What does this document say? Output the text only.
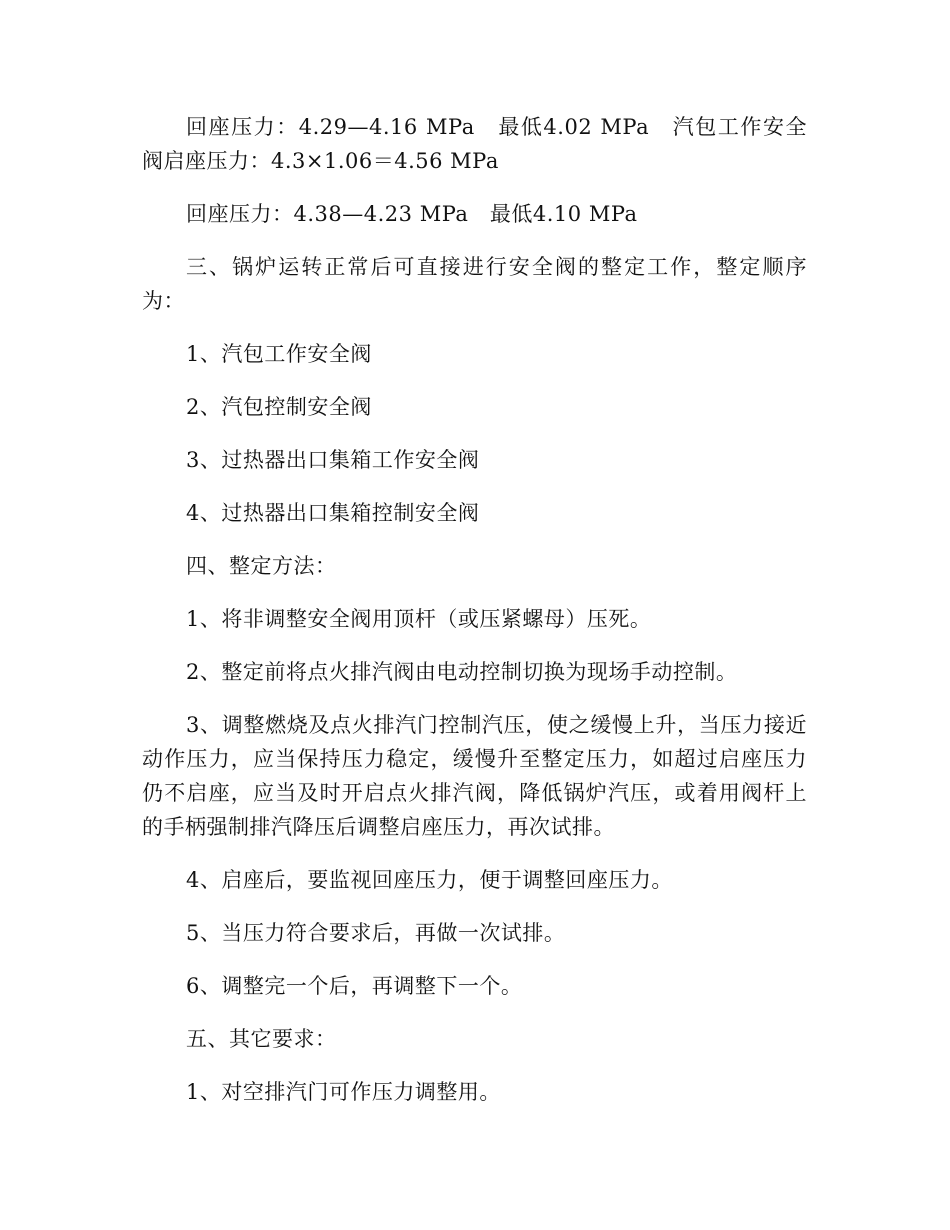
回座压力：4.29—4.16 MPa　最低4.02 MPa　汽包工作安全阀启座压力：4.3×1.06＝4.56 MPa

回座压力：4.38—4.23 MPa　最低4.10 MPa

三、锅炉运转正常后可直接进行安全阀的整定工作，整定顺序为：

1、汽包工作安全阀

2、汽包控制安全阀

3、过热器出口集箱工作安全阀

4、过热器出口集箱控制安全阀

四、整定方法：

1、将非调整安全阀用顶杆（或压紧螺母）压死。

2、整定前将点火排汽阀由电动控制切换为现场手动控制。

3、调整燃烧及点火排汽门控制汽压，使之缓慢上升，当压力接近动作压力，应当保持压力稳定，缓慢升至整定压力，如超过启座压力仍不启座，应当及时开启点火排汽阀，降低锅炉汽压，或着用阀杆上的手柄强制排汽降压后调整启座压力，再次试排。

4、启座后，要监视回座压力，便于调整回座压力。

5、当压力符合要求后，再做一次试排。

6、调整完一个后，再调整下一个。

五、其它要求：

1、对空排汽门可作压力调整用。
